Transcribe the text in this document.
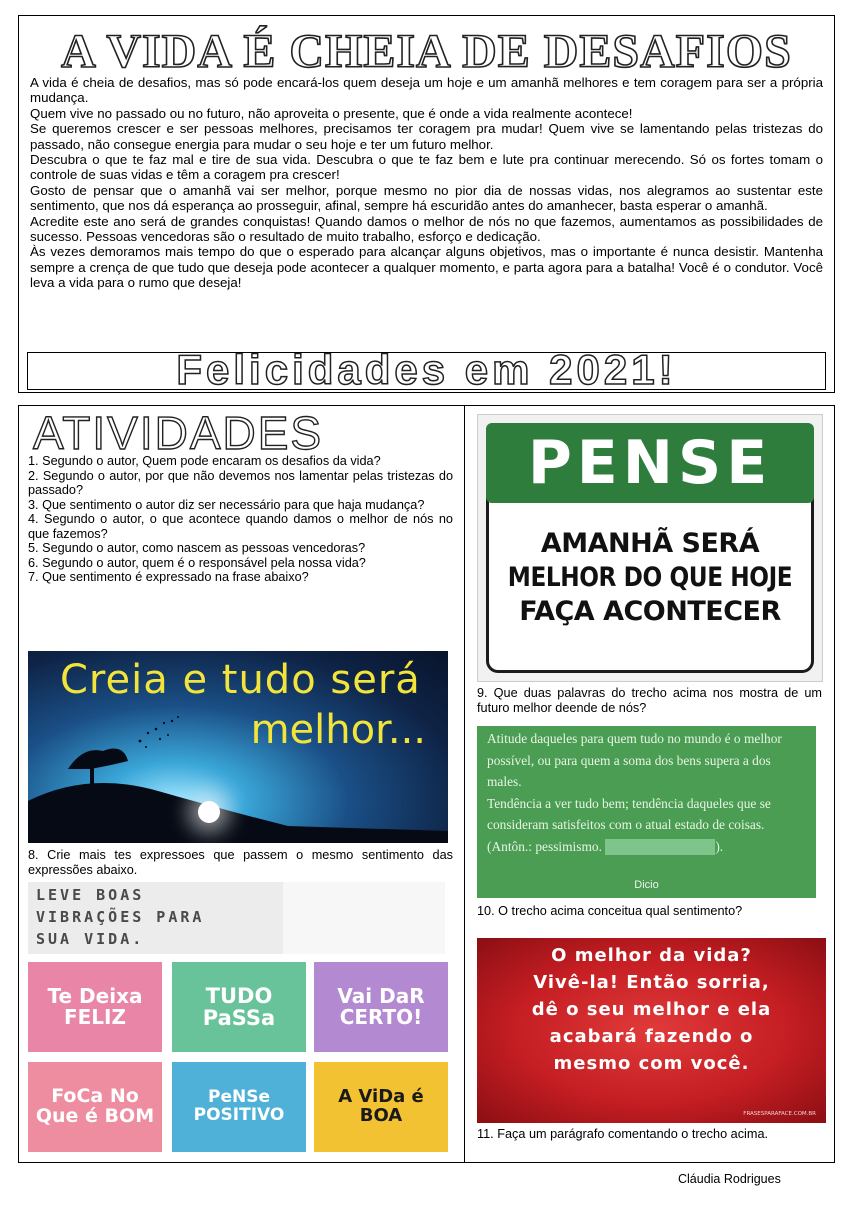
A VIDA É CHEIA DE DESAFIOS

A vida é cheia de desafios, mas só pode encará-los quem deseja um hoje e um amanhã melhores e tem coragem para ser a própria mudança.

Quem vive no passado ou no futuro, não aproveita o presente, que é onde a vida realmente acontece!

Se queremos crescer e ser pessoas melhores, precisamos ter coragem pra mudar! Quem vive se lamentando pelas tristezas do passado, não consegue energia para mudar o seu hoje e ter um futuro melhor.

Descubra o que te faz mal e tire de sua vida. Descubra o que te faz bem e lute pra continuar merecendo. Só os fortes tomam o controle de suas vidas e têm a coragem pra crescer!

Gosto de pensar que o amanhã vai ser melhor, porque mesmo no pior dia de nossas vidas, nos alegramos ao sustentar este sentimento, que nos dá esperança ao prosseguir, afinal, sempre há escuridão antes do amanhecer, basta esperar o amanhã.

Acredite este ano será de grandes conquistas! Quando damos o melhor de nós no que fazemos, aumentamos as possibilidades de sucesso. Pessoas vencedoras são o resultado de muito trabalho, esforço e dedicação.

Às vezes demoramos mais tempo do que o esperado para alcançar alguns objetivos, mas o importante é nunca desistir. Mantenha sempre a crença de que tudo que deseja pode acontecer a qualquer momento, e parta agora para a batalha! Você é o condutor. Você leva a vida para o rumo que deseja!

Felicidades em 2021!
ATIVIDADES

1. Segundo o autor, Quem pode encaram os desafios da vida?

2. Segundo o autor, por que não devemos nos lamentar pelas tristezas do passado?

3. Que sentimento o autor diz ser necessário para que haja mudança?

4. Segundo o autor, o que acontece quando damos o melhor de nós no que fazemos?

5. Segundo o autor, como nascem as pessoas vencedoras?

6. Segundo o autor, quem é o responsável pela nossa vida?

7. Que sentimento é expressado na frase abaixo?

Creia e tudo será
melhor...
8. Crie mais tes expressoes que passem o mesmo sentimento das expressões abaixo.
LEVE BOAS
VIBRAÇÕES PARA
SUA VIDA.
Te Deixa FELIZ
TUDO PaSSa
Vai DaR CERTO!
FoCa No Que é BOM
PeNSe POSITIVO
A ViDa é BOA
PENSE
AMANHÃ SERÁ
MELHOR DO QUE HOJE
FAÇA ACONTECER
9. Que duas palavras do trecho acima nos mostra de um futuro melhor deende de nós?

Atitude daqueles para quem tudo no mundo é o melhor possível, ou para quem a soma dos bens supera a dos males.

Tendência a ver tudo bem; tendência daqueles que se consideram satisfeitos com o atual estado de coisas. (Antôn.: pessimismo.	).

Dicio
10. O trecho acima conceitua qual sentimento?
O melhor da vida?
Vivê-la! Então sorria,
dê o seu melhor e ela
acabará fazendo o
mesmo com você.
FRASESPARAFACE.COM.BR
11. Faça um parágrafo comentando o trecho acima.
Cláudia Rodrigues
